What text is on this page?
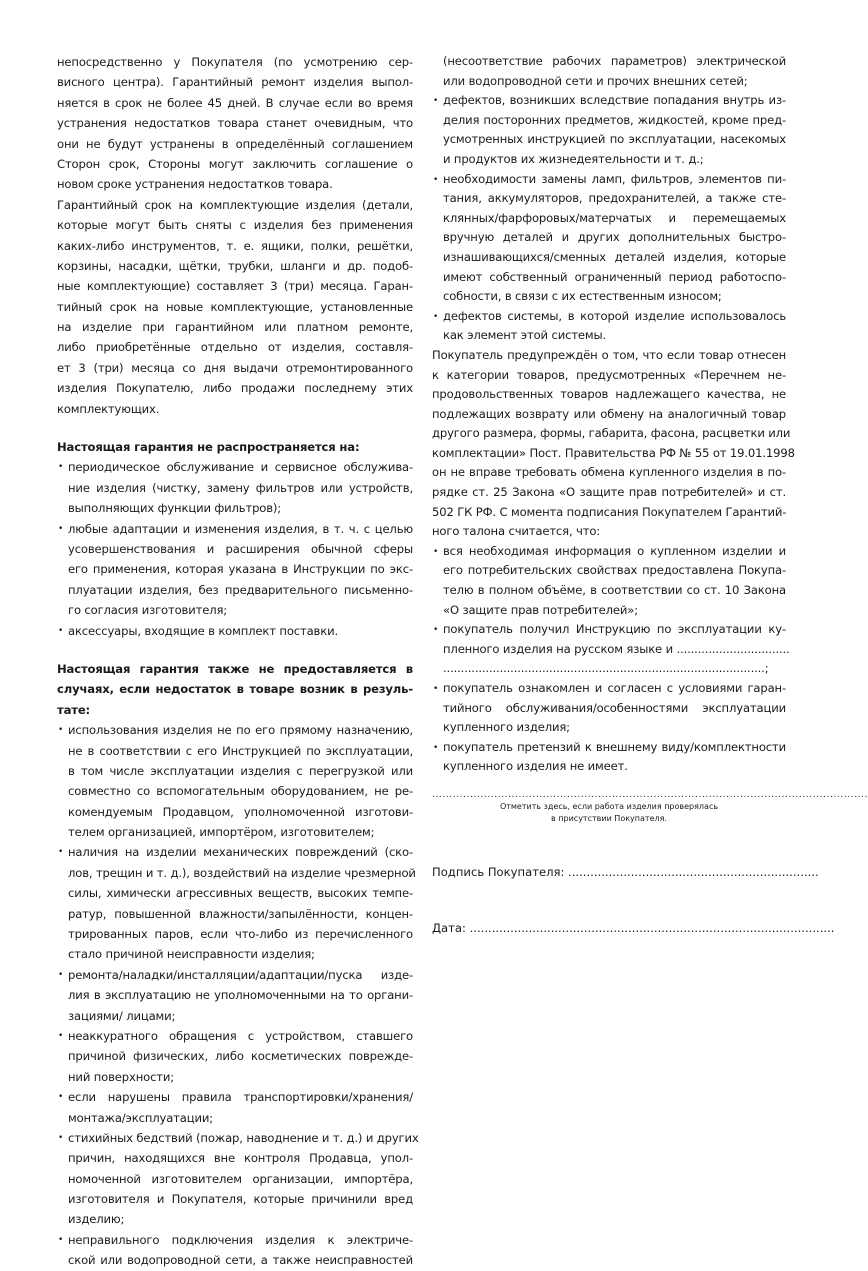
непосредственно у Покупателя (по усмотрению сер-
висного центра). Гарантийный ремонт изделия выпол-
няется в срок не более 45 дней. В случае если во время
устранения недостатков товара станет очевидным, что
они не будут устранены в определённый соглашением
Сторон срок, Стороны могут заключить соглашение о
новом сроке устранения недостатков товара.
Гарантийный срок на комплектующие изделия (детали,
которые могут быть сняты с изделия без применения
каких-либо инструментов, т. е. ящики, полки, решётки,
корзины, насадки, щётки, трубки, шланги и др. подоб-
ные комплектующие) составляет 3 (три) месяца. Гаран-
тийный срок на новые комплектующие, установленные
на изделие при гарантийном или платном ремонте,
либо приобретённые отдельно от изделия, составля-
ет 3 (три) месяца со дня выдачи отремонтированного
изделия Покупателю, либо продажи последнему этих
комплектующих.
Настоящая гарантия не распространяется на:
• периодическое обслуживание и сервисное обслужива-
ние изделия (чистку, замену фильтров или устройств,
выполняющих функции фильтров);
• любые адаптации и изменения изделия, в т. ч. с целью
усовершенствования и расширения обычной сферы
его применения, которая указана в Инструкции по экс-
плуатации изделия, без предварительного письменно-
го согласия изготовителя;
• аксессуары, входящие в комплект поставки.
Настоящая гарантия также не предоставляется в
случаях, если недостаток в товаре возник в резуль-
тате:
• использования изделия не по его прямому назначению,
не в соответствии с его Инструкцией по эксплуатации,
в том числе эксплуатации изделия с перегрузкой или
совместно со вспомогательным оборудованием, не ре-
комендуемым Продавцом, уполномоченной изготови-
телем организацией, импортёром, изготовителем;
• наличия на изделии механических повреждений (ско-
лов, трещин и т. д.), воздействий на изделие чрезмерной
силы, химически агрессивных веществ, высоких темпе-
ратур, повышенной влажности/запылённости, концен-
трированных паров, если что-либо из перечисленного
стало причиной неисправности изделия;
• ремонта/наладки/инсталляции/адаптации/пуска изде-
лия в эксплуатацию не уполномоченными на то органи-
зациями/ лицами;
• неаккуратного обращения с устройством, ставшего
причиной физических, либо косметических поврежде-
ний поверхности;
• если нарушены правила транспортировки/хранения/
монтажа/эксплуатации;
• стихийных бедствий (пожар, наводнение и т. д.) и других
причин, находящихся вне контроля Продавца, упол-
номоченной изготовителем организации, импортёра,
изготовителя и Покупателя, которые причинили вред
изделию;
• неправильного подключения изделия к электриче-
ской или водопроводной сети, а также неисправностей
(несоответствие рабочих параметров) электрической
или водопроводной сети и прочих внешних сетей;
• дефектов, возникших вследствие попадания внутрь из-
делия посторонних предметов, жидкостей, кроме пред-
усмотренных инструкцией по эксплуатации, насекомых
и продуктов их жизнедеятельности и т. д.;
• необходимости замены ламп, фильтров, элементов пи-
тания, аккумуляторов, предохранителей, а также сте-
клянных/фарфоровых/матерчатых и перемещаемых
вручную деталей и других дополнительных быстро-
изнашивающихся/сменных деталей изделия, которые
имеют собственный ограниченный период работоспо-
собности, в связи с их естественным износом;
• дефектов системы, в которой изделие использовалось
как элемент этой системы.
Покупатель предупреждён о том, что если товар отнесен
к категории товаров, предусмотренных «Перечнем не-
продовольственных товаров надлежащего качества, не
подлежащих возврату или обмену на аналогичный товар
другого размера, формы, габарита, фасона, расцветки или
комплектации» Пост. Правительства РФ № 55 от 19.01.1998
он не вправе требовать обмена купленного изделия в по-
рядке ст. 25 Закона «О защите прав потребителей» и ст.
502 ГК РФ. С момента подписания Покупателем Гарантий-
ного талона считается, что:
• вся необходимая информация о купленном изделии и
его потребительских свойствах предоставлена Покупа-
телю в полном объёме, в соответствии со ст. 10 Закона
«О защите прав потребителей»;
• покупатель получил Инструкцию по эксплуатации ку-
пленного изделия на русском языке и ................................
...........................................................................................;
• покупатель ознакомлен и согласен с условиями гаран-
тийного обслуживания/особенностями эксплуатации
купленного изделия;
• покупатель претензий к внешнему виду/комплектности
купленного изделия не имеет.
..............................................................................................................................
Отметить здесь, если работа изделия проверялась
в присутствии Покупателя.
Подпись Покупателя: ....................................................................
Дата: ...................................................................................................
